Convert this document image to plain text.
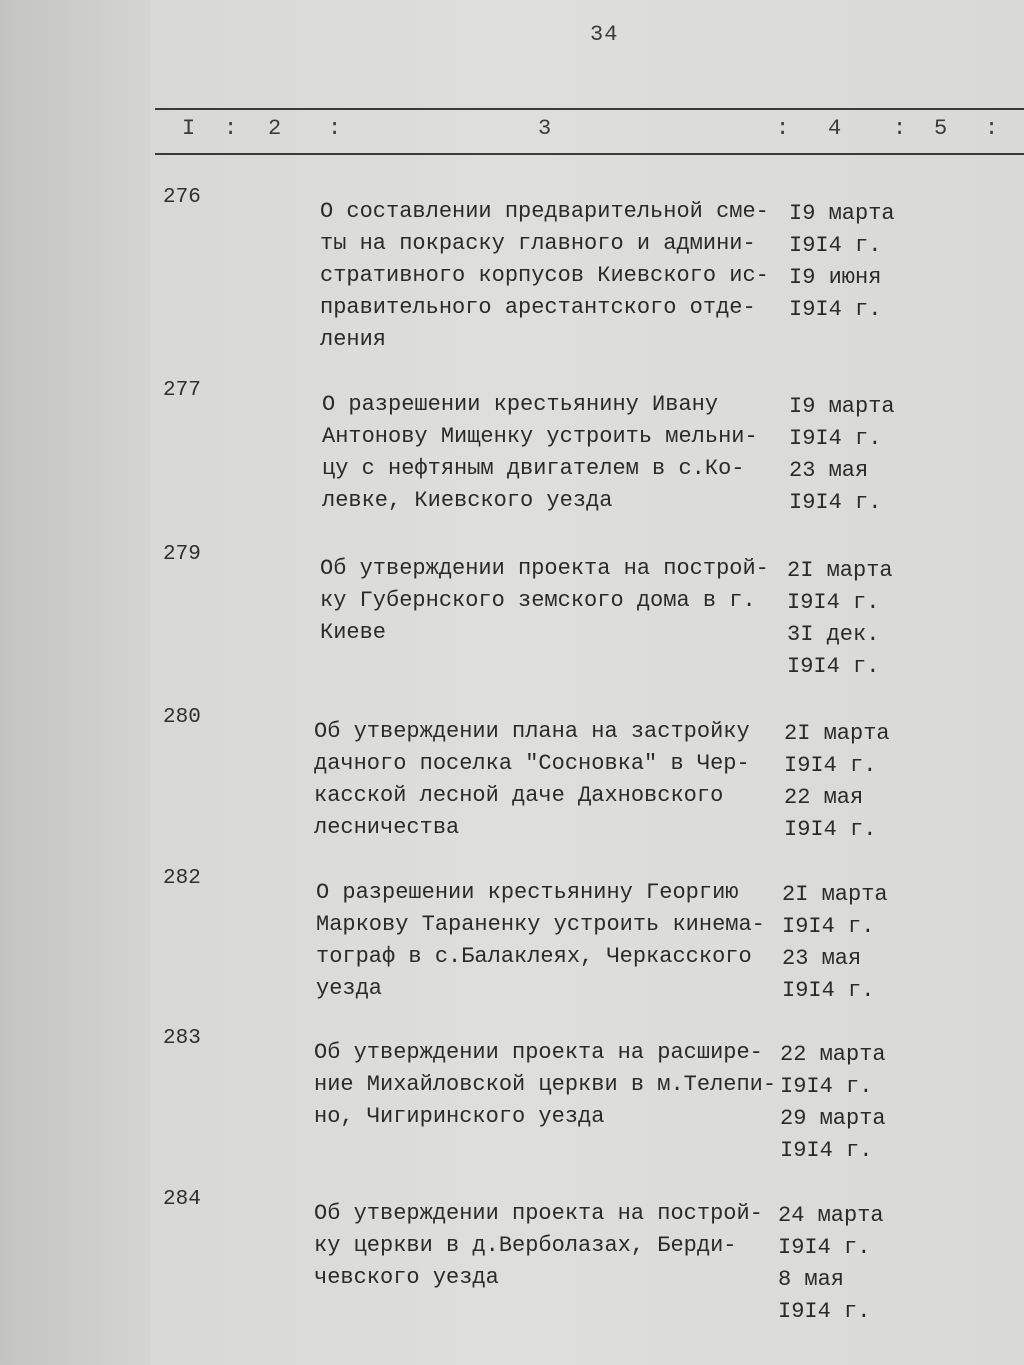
34
I : 2 :	3	: 4 : 5 :
276
О составлении предварительной сме-
ты на покраску главного и админи-
стративного корпусов Киевского ис-
правительного арестантского отде-
ления
I9 марта
I9I4 г.
I9 июня
I9I4 г.
277
О разрешении крестьянину Ивану
Антонову Мищенку устроить мельни-
цу с нефтяным двигателем в с.Ко-
левке, Киевского уезда
I9 марта
I9I4 г.
23 мая
I9I4 г.
279
Об утверждении проекта на построй-
ку Губернского земского дома в г.
Киеве
2I марта
I9I4 г.
3I дек.
I9I4 г.
280
Об утверждении плана на застройку
дачного поселка "Сосновка" в Чер-
касской лесной даче Дахновского
лесничества
2I марта
I9I4 г.
22 мая
I9I4 г.
282
О разрешении крестьянину Георгию
Маркову Тараненку устроить кинема-
тограф в с.Балаклеях, Черкасского
уезда
2I марта
I9I4 г.
23 мая
I9I4 г.
283
Об утверждении проекта на расшире-
ние Михайловской церкви в м.Телепи-
но, Чигиринского уезда
22 марта
I9I4 г.
29 марта
I9I4 г.
284
Об утверждении проекта на построй-
ку церкви в д.Верболазах, Берди-
чевского уезда
24 марта
I9I4 г.
8 мая
I9I4 г.
